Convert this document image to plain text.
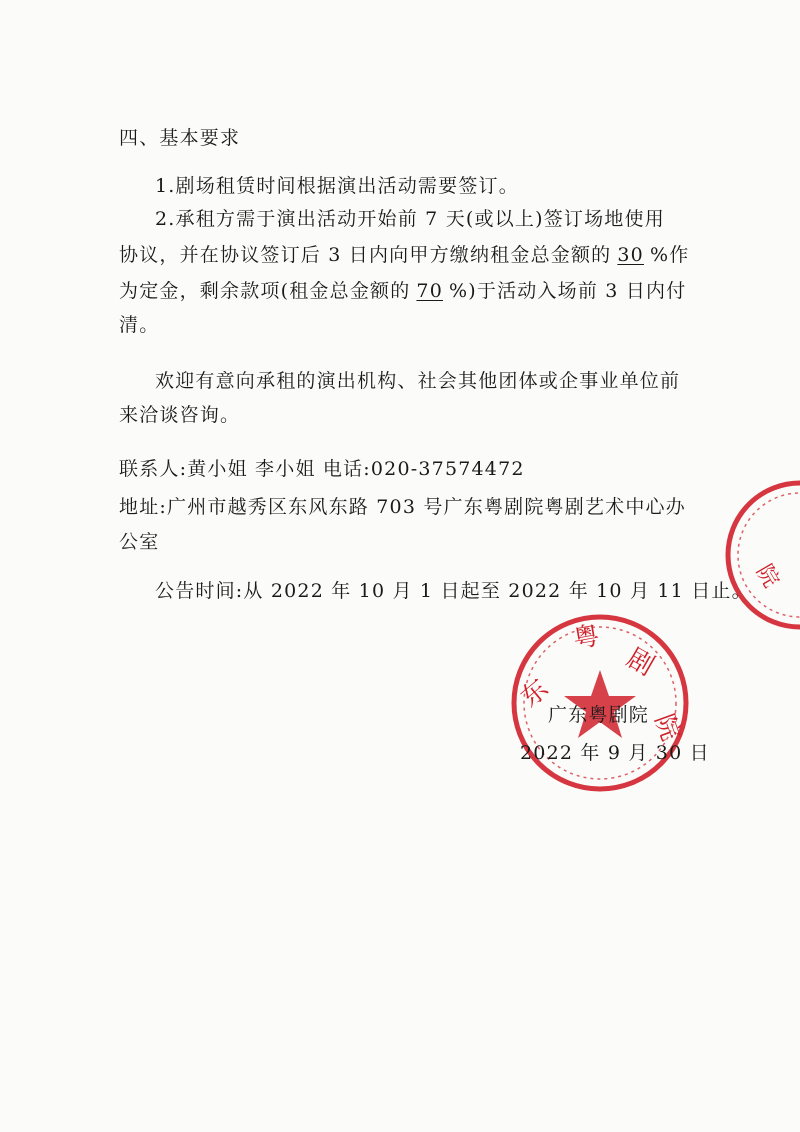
东
粤
剧
院
院
四、基本要求
1.剧场租赁时间根据演出活动需要签订。
2.承租方需于演出活动开始前 7 天(或以上)签订场地使用
协议，并在协议签订后 3 日内向甲方缴纳租金总金额的 30 %作
为定金，剩余款项(租金总金额的 70 %)于活动入场前 3 日内付
清。
欢迎有意向承租的演出机构、社会其他团体或企事业单位前
来洽谈咨询。
联系人:黄小姐 李小姐 电话:020-37574472
地址:广州市越秀区东风东路 703 号广东粤剧院粤剧艺术中心办
公室
公告时间:从 2022 年 10 月 1 日起至 2022 年 10 月 11 日止。
广东粤剧院
2022 年 9 月 30 日
